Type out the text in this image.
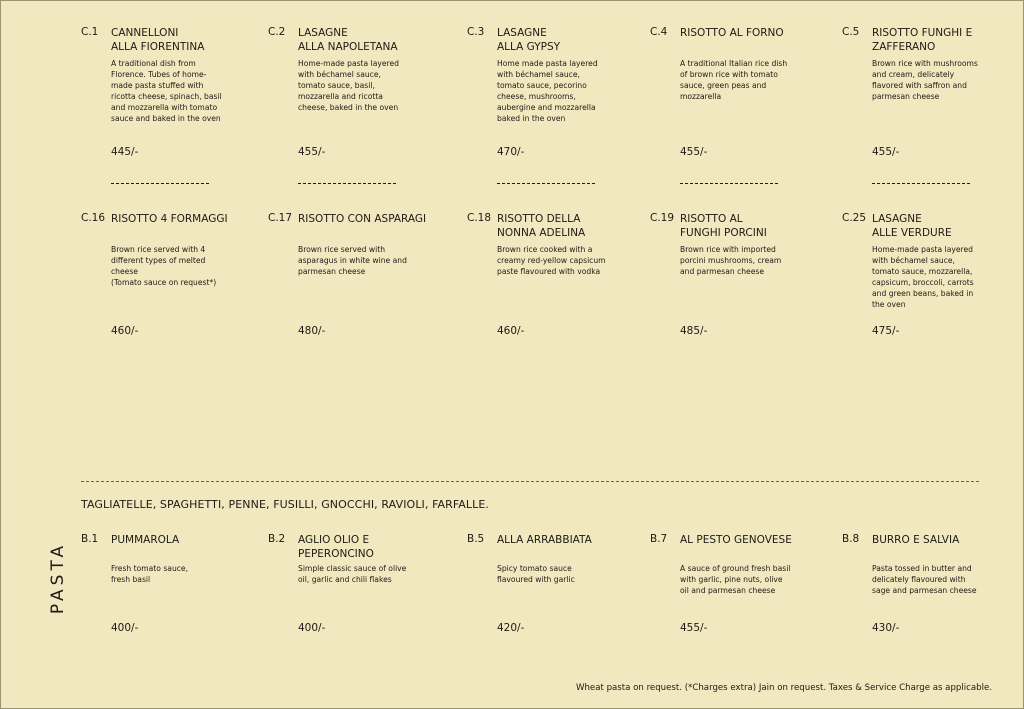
C.1 CANNELLONI
ALLA FIORENTINA
A traditional dish from Florence. Tubes of home-made pasta stuffed with ricotta cheese, spinach, basil and mozzarella with tomato sauce and baked in the oven
445/-
C.2 LASAGNE
ALLA NAPOLETANA
Home-made pasta layered with béchamel sauce, tomato sauce, basil, mozzarella and ricotta cheese, baked in the oven
455/-
C.3 LASAGNE
ALLA GYPSY
Home made pasta layered with béchamel sauce, tomato sauce, pecorino cheese, mushrooms, aubergine and mozzarella baked in the oven
470/-
C.4 RISOTTO AL FORNO
A traditional Italian rice dish of brown rice with tomato sauce, green peas and mozzarella
455/-
C.5 RISOTTO FUNGHI E
ZAFFERANO
Brown rice with mushrooms and cream, delicately flavored with saffron and parmesan cheese
455/-
C.16 RISOTTO 4 FORMAGGI
Brown rice served with 4 different types of melted cheese
(Tomato sauce on request*)
460/-
C.17 RISOTTO CON ASPARAGI
Brown rice served with asparagus in white wine and parmesan cheese
480/-
C.18 RISOTTO DELLA
NONNA ADELINA
Brown rice cooked with a creamy red-yellow capsicum paste flavoured with vodka
460/-
C.19 RISOTTO AL
FUNGHI PORCINI
Brown rice with imported porcini mushrooms, cream and parmesan cheese
485/-
C.25 LASAGNE
ALLE VERDURE
Home-made pasta layered with béchamel sauce, tomato sauce, mozzarella, capsicum, broccoli, carrots and green beans, baked in the oven
475/-
B.1 PUMMAROLA
Fresh tomato sauce,
fresh basil
400/-
B.2 AGLIO OLIO E
PEPERONCINO
Simple classic sauce of olive oil, garlic and chili flakes
400/-
B.5 ALLA ARRABBIATA
Spicy tomato sauce flavoured with garlic
420/-
B.7 AL PESTO GENOVESE
A sauce of ground fresh basil with garlic, pine nuts, olive oil and parmesan cheese
455/-
B.8 BURRO E SALVIA
Pasta tossed in butter and delicately flavoured with sage and parmesan cheese
430/-
TAGLIATELLE, SPAGHETTI, PENNE, FUSILLI, GNOCCHI, RAVIOLI, FARFALLE.
PASTA
Wheat pasta on request. (*Charges extra) Jain on request. Taxes & Service Charge as applicable.
